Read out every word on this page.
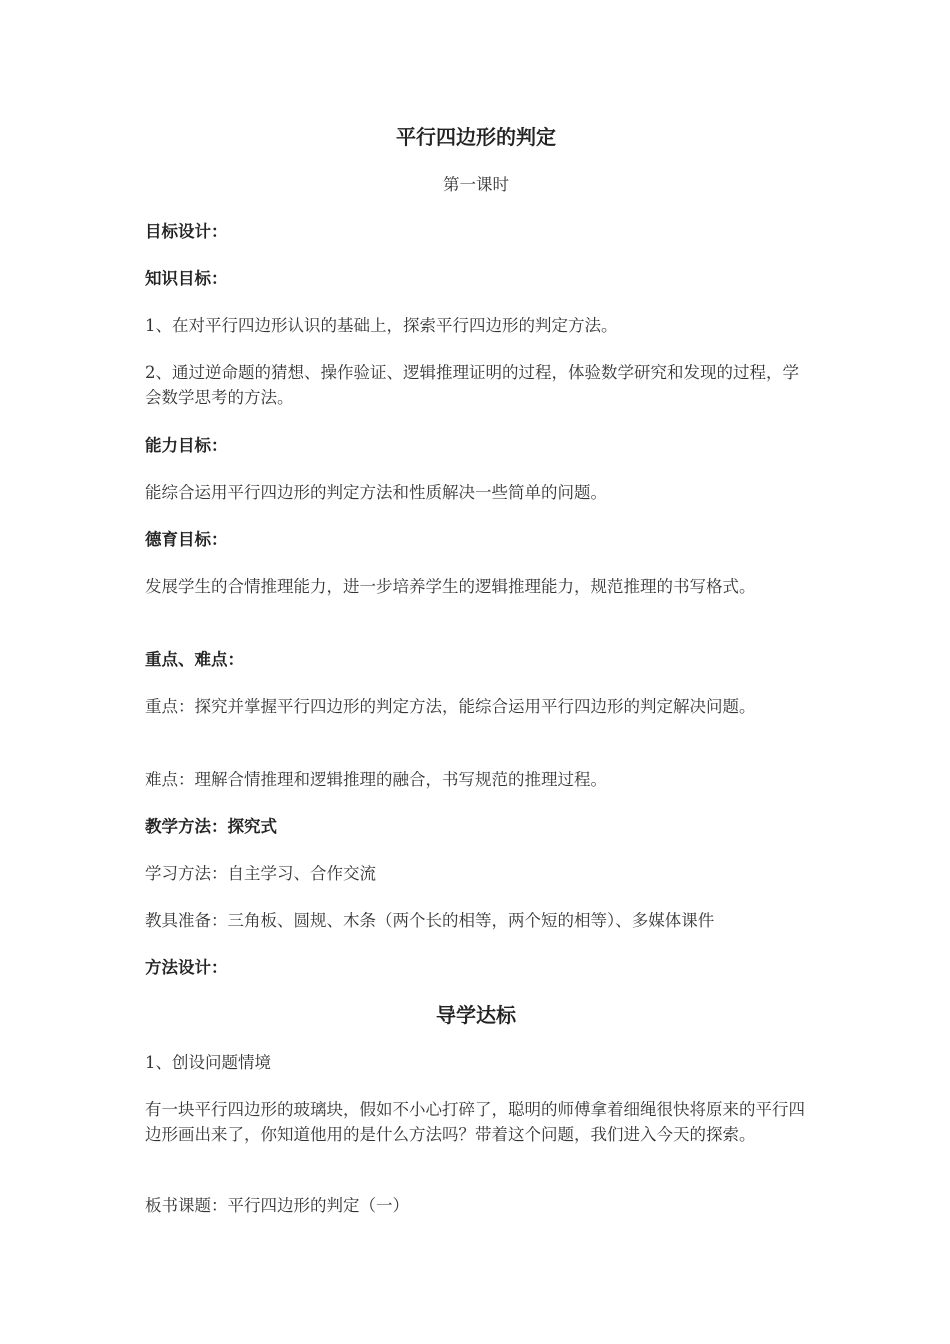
平行四边形的判定
第一课时
目标设计：
知识目标：
1、在对平行四边形认识的基础上，探索平行四边形的判定方法。
2、通过逆命题的猜想、操作验证、逻辑推理证明的过程，体验数学研究和发现的过程，学会数学思考的方法。
能力目标：
能综合运用平行四边形的判定方法和性质解决一些简单的问题。
德育目标：
发展学生的合情推理能力，进一步培养学生的逻辑推理能力，规范推理的书写格式。
重点、难点：
重点：探究并掌握平行四边形的判定方法，能综合运用平行四边形的判定解决问题。
难点：理解合情推理和逻辑推理的融合，书写规范的推理过程。
教学方法：探究式
学习方法：自主学习、合作交流
教具准备：三角板、圆规、木条（两个长的相等，两个短的相等）、多媒体课件
方法设计：
导学达标
1、创设问题情境
有一块平行四边形的玻璃块，假如不小心打碎了，聪明的师傅拿着细绳很快将原来的平行四边形画出来了，你知道他用的是什么方法吗？带着这个问题，我们进入今天的探索。
板书课题：平行四边形的判定（一）
